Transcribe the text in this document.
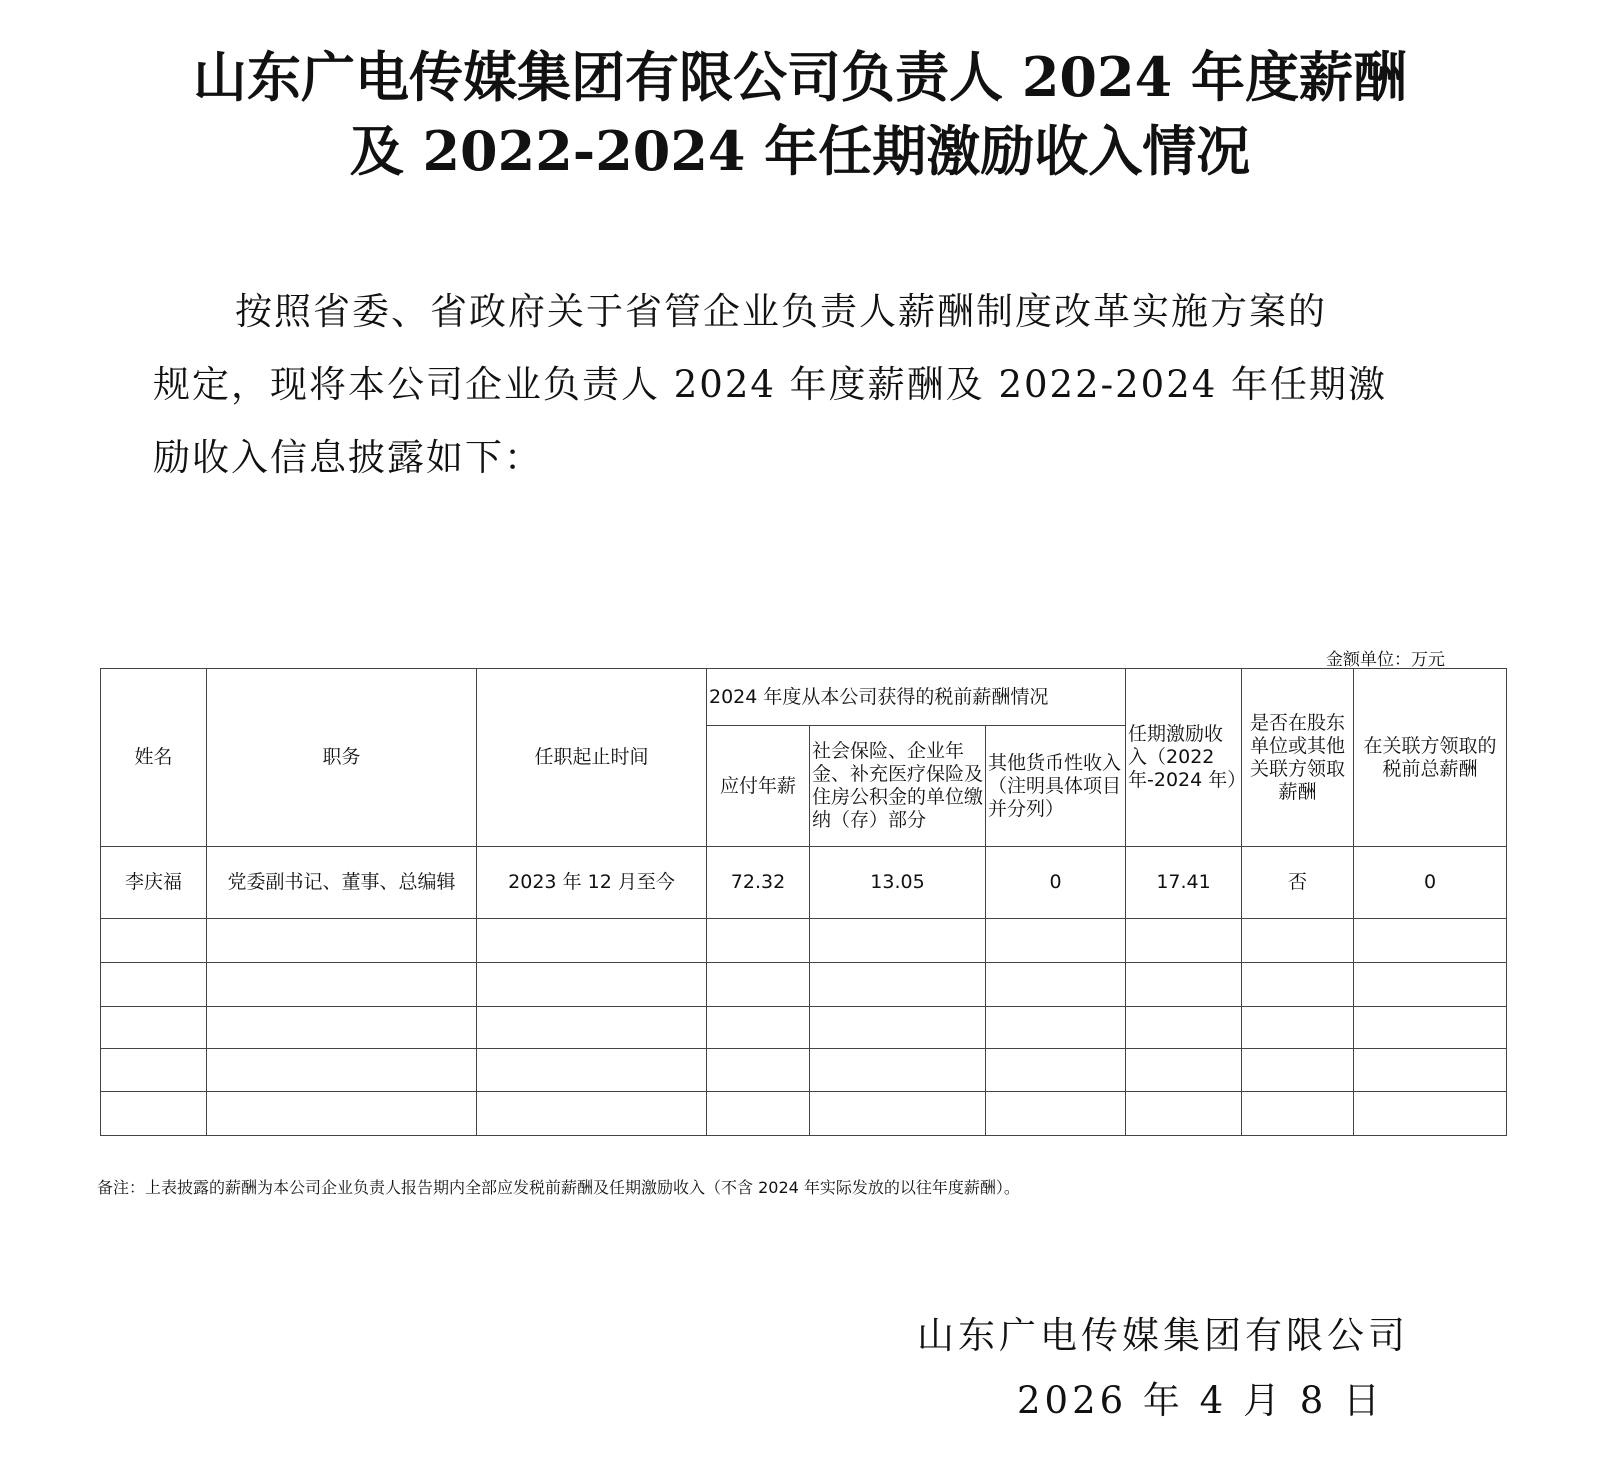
山东广电传媒集团有限公司负责人 2024 年度薪酬
及 2022-2024 年任期激励收入情况
按照省委、省政府关于省管企业负责人薪酬制度改革实施方案的
规定，现将本公司企业负责人 2024 年度薪酬及 2022-2024 年任期激
励收入信息披露如下：
金额单位：万元
姓名	职务	任职起止时间	2024 年度从本公司获得的税前薪酬情况			任期激励收入（2022 年-2024 年）	是否在股东单位或其他关联方领取薪酬	在关联方领取的税前总薪酬
			应付年薪	社会保险、企业年金、补充医疗保险及住房公积金的单位缴纳（存）部分	其他货币性收入（注明具体项目并分列）			
李庆福	党委副书记、董事、总编辑	2023 年 12 月至今	72.32	13.05	0	17.41	否	0

备注：上表披露的薪酬为本公司企业负责人报告期内全部应发税前薪酬及任期激励收入（不含 2024 年实际发放的以往年度薪酬）。
山东广电传媒集团有限公司
2026 年 4 月 8 日
